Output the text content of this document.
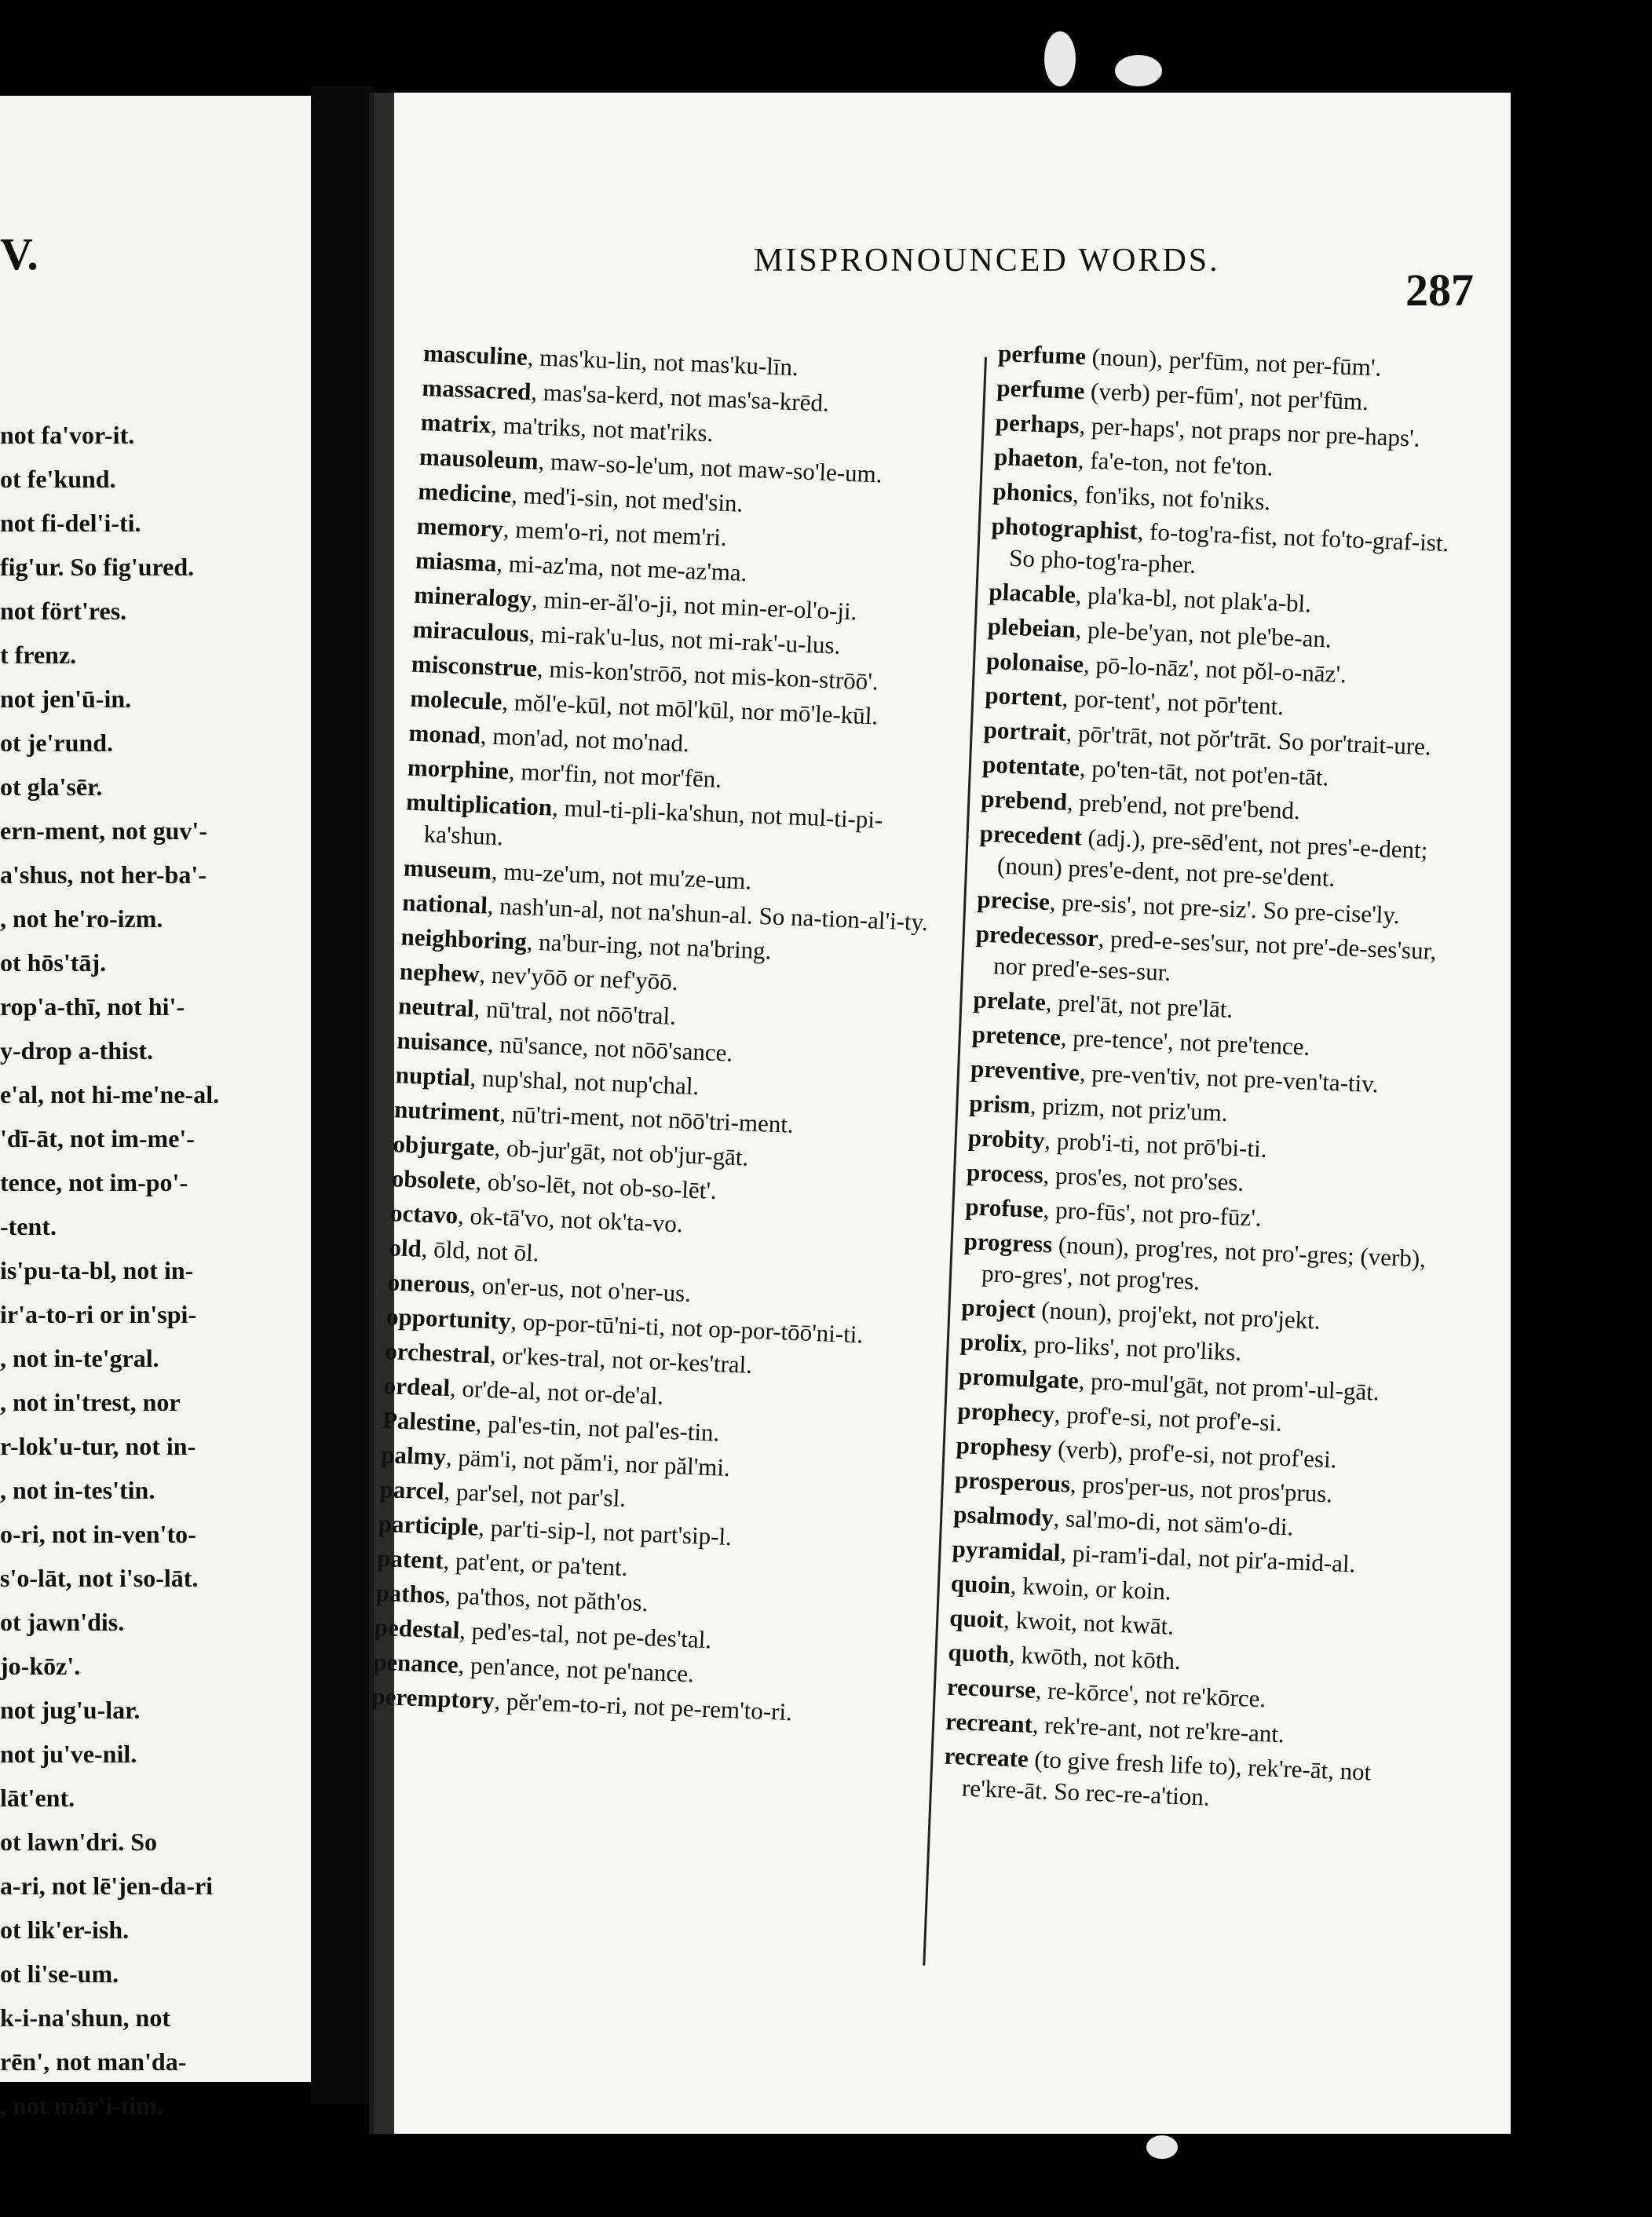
V.
not fa'vor-it.
ot fe'kund.
not fi-del'i-ti.
fig'ur. So fig'ured.
not fört'res.
t frenz.
not jen'ū-in.
ot je'rund.
ot gla'sēr.
ern-ment, not guv'-
a'shus, not her-ba'-
, not he'ro-izm.
ot hōs'tāj.
rop'a-thī, not hi'-
y-drop a-thist.
e'al, not hi-me'ne-al.
'dī-āt, not im-me'-
tence, not im-po'-
-tent.
is'pu-ta-bl, not in-
ir'a-to-ri or in'spi-
, not in-te'gral.
, not in'trest, nor
r-lok'u-tur, not in-
, not in-tes'tin.
o-ri, not in-ven'to-
s'o-lāt, not i'so-lāt.
ot jawn'dis.
jo-kōz'.
not jug'u-lar.
not ju've-nil.
lāt'ent.
ot lawn'dri. So
a-ri, not lē'jen-da-ri
ot lik'er-ish.
ot li'se-um.
k-i-na'shun, not
rēn', not man'da-
, not mār'i-tim.
MISPRONOUNCED WORDS.
287
masculine, mas'ku-lin, not mas'ku-līn.
massacred, mas'sa-kerd, not mas'sa-krēd.
matrix, ma'triks, not mat'riks.
mausoleum, maw-so-le'um, not maw-so'le-um.
medicine, med'i-sin, not med'sin.
memory, mem'o-ri, not mem'ri.
miasma, mi-az'ma, not me-az'ma.
mineralogy, min-er-ăl'o-ji, not min-er-ol'o-ji.
miraculous, mi-rak'u-lus, not mi-rak'-u-lus.
misconstrue, mis-kon'strōō, not mis-kon-strōō'.
molecule, mŏl'e-kūl, not mōl'kūl, nor mō'le-kūl.
monad, mon'ad, not mo'nad.
morphine, mor'fin, not mor'fēn.
multiplication, mul-ti-pli-ka'shun, not mul-ti-pi-ka'shun.
museum, mu-ze'um, not mu'ze-um.
national, nash'un-al, not na'shun-al. So na-tion-al'i-ty.
neighboring, na'bur-ing, not na'bring.
nephew, nev'yōō or nef'yōō.
neutral, nū'tral, not nōō'tral.
nuisance, nū'sance, not nōō'sance.
nuptial, nup'shal, not nup'chal.
nutriment, nū'tri-ment, not nōō'tri-ment.
objurgate, ob-jur'gāt, not ob'jur-gāt.
obsolete, ob'so-lēt, not ob-so-lēt'.
octavo, ok-tā'vo, not ok'ta-vo.
old, ōld, not ōl.
onerous, on'er-us, not o'ner-us.
opportunity, op-por-tū'ni-ti, not op-por-tōō'ni-ti.
orchestral, or'kes-tral, not or-kes'tral.
ordeal, or'de-al, not or-de'al.
Palestine, pal'es-tin, not pal'es-tin.
palmy, päm'i, not păm'i, nor păl'mi.
parcel, par'sel, not par'sl.
participle, par'ti-sip-l, not part'sip-l.
patent, pat'ent, or pa'tent.
pathos, pa'thos, not păth'os.
pedestal, ped'es-tal, not pe-des'tal.
penance, pen'ance, not pe'nance.
peremptory, pĕr'em-to-ri, not pe-rem'to-ri.
perfume (noun), per'fūm, not per-fūm'.
perfume (verb) per-fūm', not per'fūm.
perhaps, per-haps', not praps nor pre-haps'.
phaeton, fa'e-ton, not fe'ton.
phonics, fon'iks, not fo'niks.
photographist, fo-tog'ra-fist, not fo'to-graf-ist. So pho-tog'ra-pher.
placable, pla'ka-bl, not plak'a-bl.
plebeian, ple-be'yan, not ple'be-an.
polonaise, pō-lo-nāz', not pŏl-o-nāz'.
portent, por-tent', not pōr'tent.
portrait, pōr'trāt, not pŏr'trāt. So por'trait-ure.
potentate, po'ten-tāt, not pot'en-tāt.
prebend, preb'end, not pre'bend.
precedent (adj.), pre-sēd'ent, not pres'-e-dent; (noun) pres'e-dent, not pre-se'dent.
precise, pre-sis', not pre-siz'. So pre-cise'ly.
predecessor, pred-e-ses'sur, not pre'-de-ses'sur, nor pred'e-ses-sur.
prelate, prel'āt, not pre'lāt.
pretence, pre-tence', not pre'tence.
preventive, pre-ven'tiv, not pre-ven'ta-tiv.
prism, prizm, not priz'um.
probity, prob'i-ti, not prō'bi-ti.
process, pros'es, not pro'ses.
profuse, pro-fūs', not pro-fūz'.
progress (noun), prog'res, not pro'-gres; (verb), pro-gres', not prog'res.
project (noun), proj'ekt, not pro'jekt.
prolix, pro-liks', not pro'liks.
promulgate, pro-mul'gāt, not prom'-ul-gāt.
prophecy, prof'e-si, not prof'e-si.
prophesy (verb), prof'e-si, not prof'esi.
prosperous, pros'per-us, not pros'prus.
psalmody, sal'mo-di, not säm'o-di.
pyramidal, pi-ram'i-dal, not pir'a-mid-al.
quoin, kwoin, or koin.
quoit, kwoit, not kwāt.
quoth, kwōth, not kōth.
recourse, re-kōrce', not re'kōrce.
recreant, rek're-ant, not re'kre-ant.
recreate (to give fresh life to), rek're-āt, not re'kre-āt. So rec-re-a'tion.
